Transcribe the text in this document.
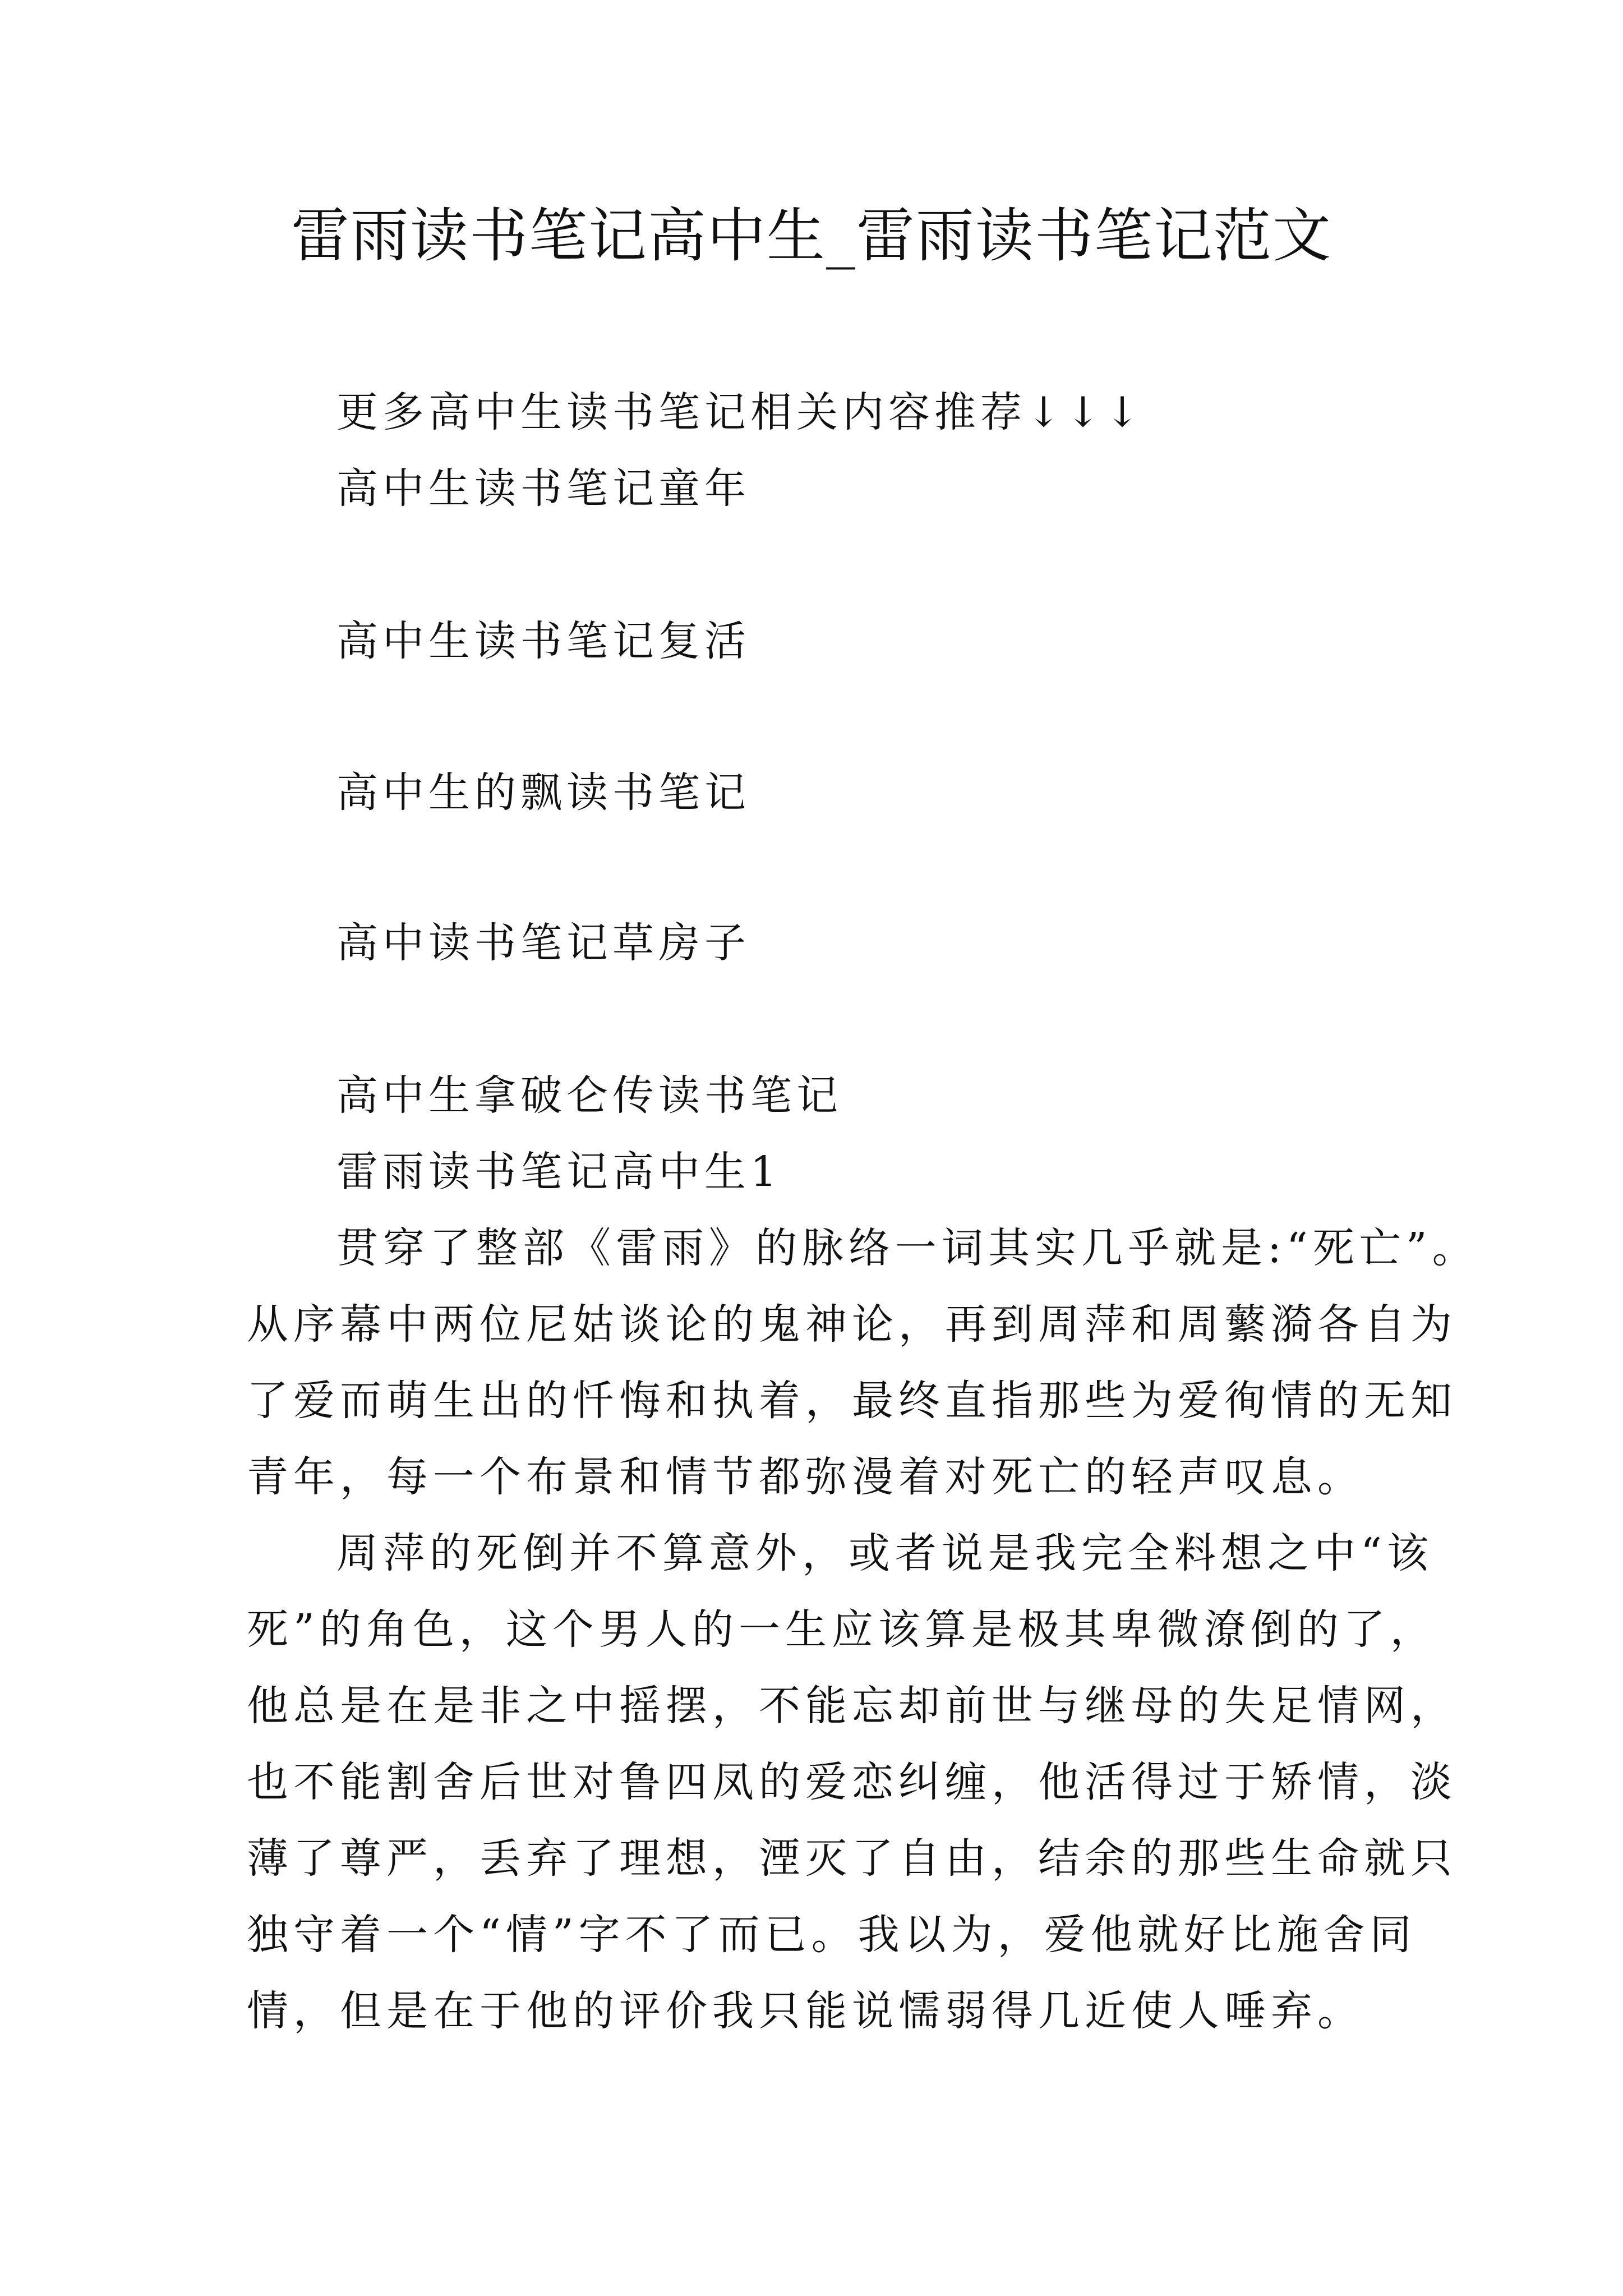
雷雨读书笔记高中生_雷雨读书笔记范文

更多高中生读书笔记相关内容推荐↓↓↓

高中生读书笔记童年

高中生读书笔记复活

高中生的飘读书笔记

高中读书笔记草房子

高中生拿破仑传读书笔记

雷雨读书笔记高中生1

贯穿了整部《雷雨》的脉络一词其实几乎就是:“死亡”。

从序幕中两位尼姑谈论的鬼神论，再到周萍和周蘩漪各自为

了爱而萌生出的忏悔和执着，最终直指那些为爱徇情的无知

青年，每一个布景和情节都弥漫着对死亡的轻声叹息。

周萍的死倒并不算意外，或者说是我完全料想之中“该

死”的角色，这个男人的一生应该算是极其卑微潦倒的了，

他总是在是非之中摇摆，不能忘却前世与继母的失足情网，

也不能割舍后世对鲁四凤的爱恋纠缠，他活得过于矫情，淡

薄了尊严，丢弃了理想，湮灭了自由，结余的那些生命就只

独守着一个“情”字不了而已。我以为，爱他就好比施舍同

情，但是在于他的评价我只能说懦弱得几近使人唾弃。
